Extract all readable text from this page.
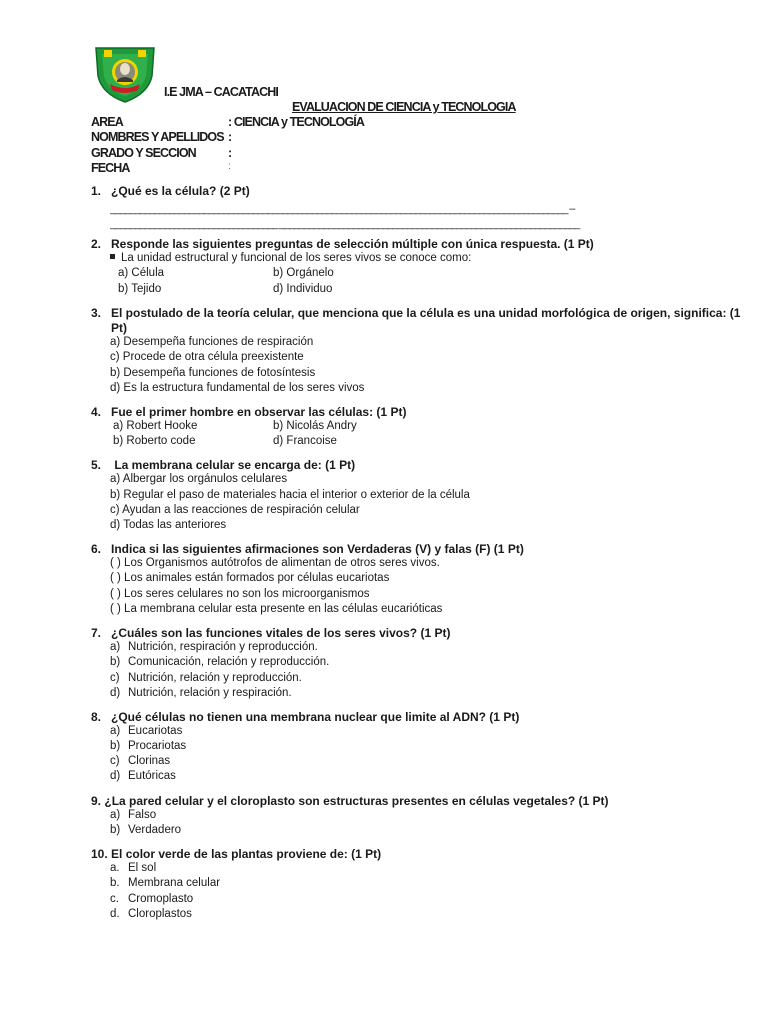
I.E JMA – CACATACHI
EVALUACION DE CIENCIA y TECNOLOGIA
AREA	: CIENCIA y TECNOLOGÍA
NOMBRES Y APELLIDOS :
GRADO Y SECCION	:
FECHA	:
1. ¿Qué es la célula? (2 Pt)
_____________________________________________________________________________________________ –
__________________________________ _____________________________________________________________
2. Responde las siguientes preguntas de selección múltiple con única respuesta. (1 Pt)
La unidad estructural y funcional de los seres vivos se conoce como:
a) Célula	b) Orgánelo
b) Tejido	d) Individuo
3. El postulado de la teoría celular, que menciona que la célula es una unidad morfológica de origen, significa: (1
Pt)
a) Desempeña funciones de respiración
c) Procede de otra célula preexistente
b) Desempeña funciones de fotosíntesis
d) Es la estructura fundamental de los seres vivos
4. Fue el primer hombre en observar las células: (1 Pt)
a) Robert Hooke	b) Nicolás Andry
b) Roberto code	d) Francoise
5. La membrana celular se encarga de: (1 Pt)
a) Albergar los orgánulos celulares
b) Regular el paso de materiales hacia el interior o exterior de la célula
c) Ayudan a las reacciones de respiración celular
d) Todas las anteriores
6. Indica si las siguientes afirmaciones son Verdaderas (V) y falas (F) (1 Pt)
( ) Los Organismos autótrofos de alimentan de otros seres vivos.
( ) Los animales están formados por células eucariotas
( ) Los seres celulares no son los microorganismos
( ) La membrana celular esta presente en las células eucarióticas
7. ¿Cuáles son las funciones vitales de los seres vivos? (1 Pt)
a) Nutrición, respiración y reproducción.
b) Comunicación, relación y reproducción.
c) Nutrición, relación y reproducción.
d) Nutrición, relación y respiración.
8. ¿Qué células no tienen una membrana nuclear que limite al ADN? (1 Pt)
a) Eucariotas
b) Procariotas
c) Clorinas
d) Eutóricas
9. ¿La pared celular y el cloroplasto son estructuras presentes en células vegetales? (1 Pt)
a) Falso
b) Verdadero
10. El color verde de las plantas proviene de: (1 Pt)
a. El sol
b. Membrana celular
c. Cromoplasto
d. Cloroplastos
